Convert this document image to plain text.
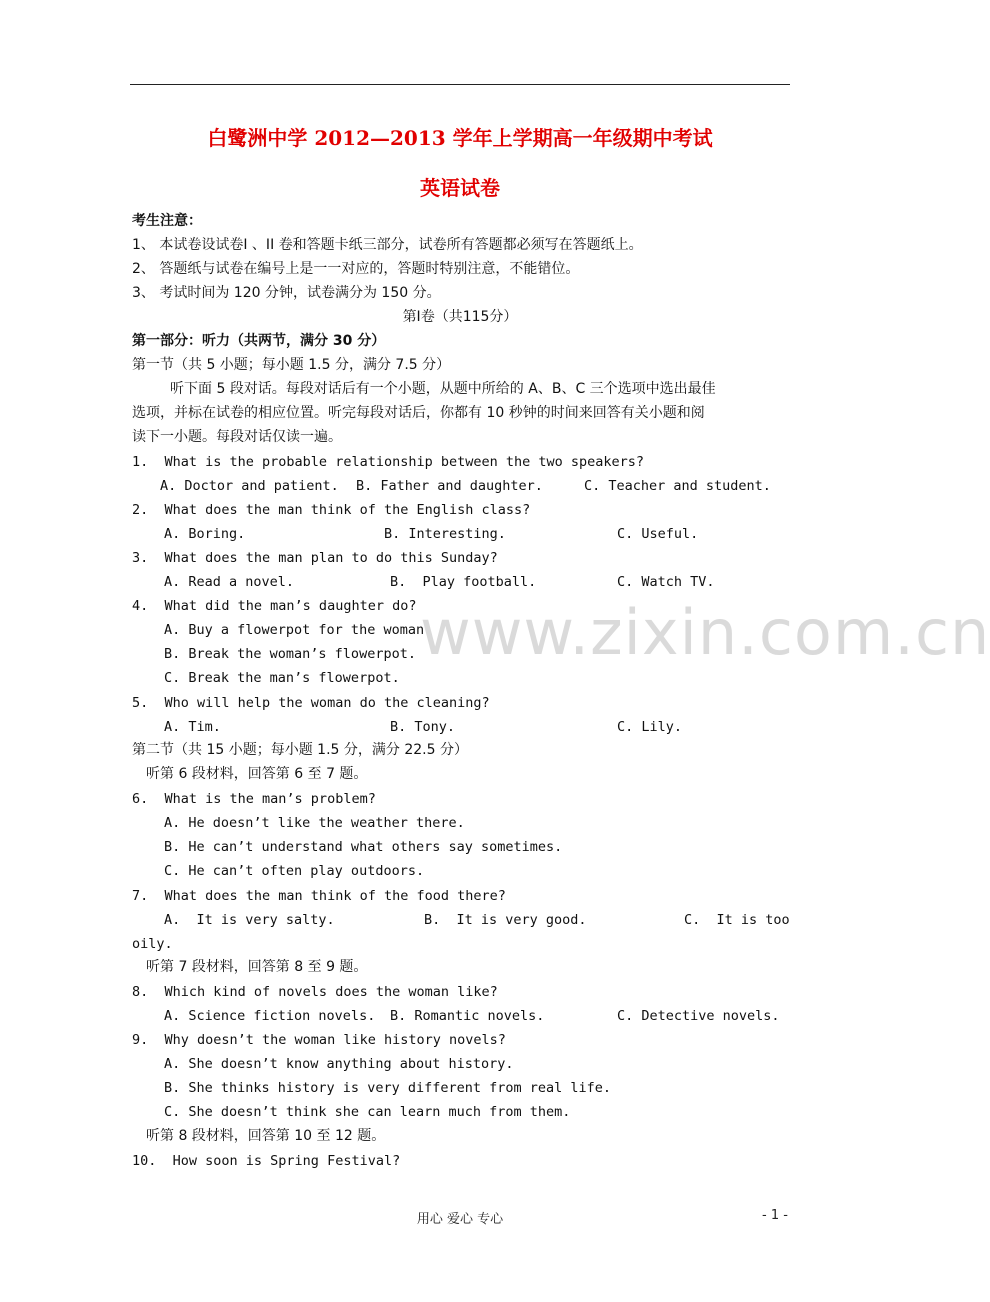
白鹭洲中学 2012—2013 学年上学期高一年级期中考试
英语试卷
考生注意：
1、 本试卷设试卷Ⅰ 、II 卷和答题卡纸三部分，试卷所有答题都必须写在答题纸上。
2、 答题纸与试卷在编号上是一一对应的，答题时特别注意，不能错位。
3、 考试时间为 120 分钟，试卷满分为 150 分。
第Ⅰ卷（共115分）
第一部分：听力（共两节，满分 30 分）
第一节（共 5 小题；每小题 1.5 分，满分 7.5 分）
听下面 5 段对话。每段对话后有一个小题，从题中所给的 A、B、C 三个选项中选出最佳
选项，并标在试卷的相应位置。听完每段对话后，你都有 10 秒钟的时间来回答有关小题和阅
读下一小题。每段对话仅读一遍。
1.  What is the probable relationship between the two speakers?
A. Doctor and patient. B. Father and daughter.	C. Teacher and student.
2.  What does the man think of the English class?
A. Boring.	B. Interesting.	C. Useful.
3.  What does the man plan to do this Sunday?
A. Read a novel.	B.  Play football.	C. Watch TV.
4.  What did the man’s daughter do?
A. Buy a flowerpot for the woman.
B. Break the woman’s flowerpot.
C. Break the man’s flowerpot.
5.  Who will help the woman do the cleaning?
A. Tim.	B. Tony.	C. Lily.
第二节（共 15 小题；每小题 1.5 分，满分 22.5 分）
听第 6 段材料，回答第 6 至 7 题。
6.  What is the man’s problem?
A. He doesn’t like the weather there.
B. He can’t understand what others say sometimes.
C. He can’t often play outdoors.
7.  What does the man think of the food there?
A.  It is very salty.	B.  It is very good.	C.  It is too
oily.
听第 7 段材料，回答第 8 至 9 题。
8.  Which kind of novels does the woman like?
A. Science fiction novels. B. Romantic novels.	C. Detective novels.
9.  Why doesn’t the woman like history novels?
A. She doesn’t know anything about history.
B. She thinks history is very different from real life.
C. She doesn’t think she can learn much from them.
听第 8 段材料，回答第 10 至 12 题。
10.  How soon is Spring Festival?
www.zixin.com.cn
用心 爱心 专心	- 1 -
